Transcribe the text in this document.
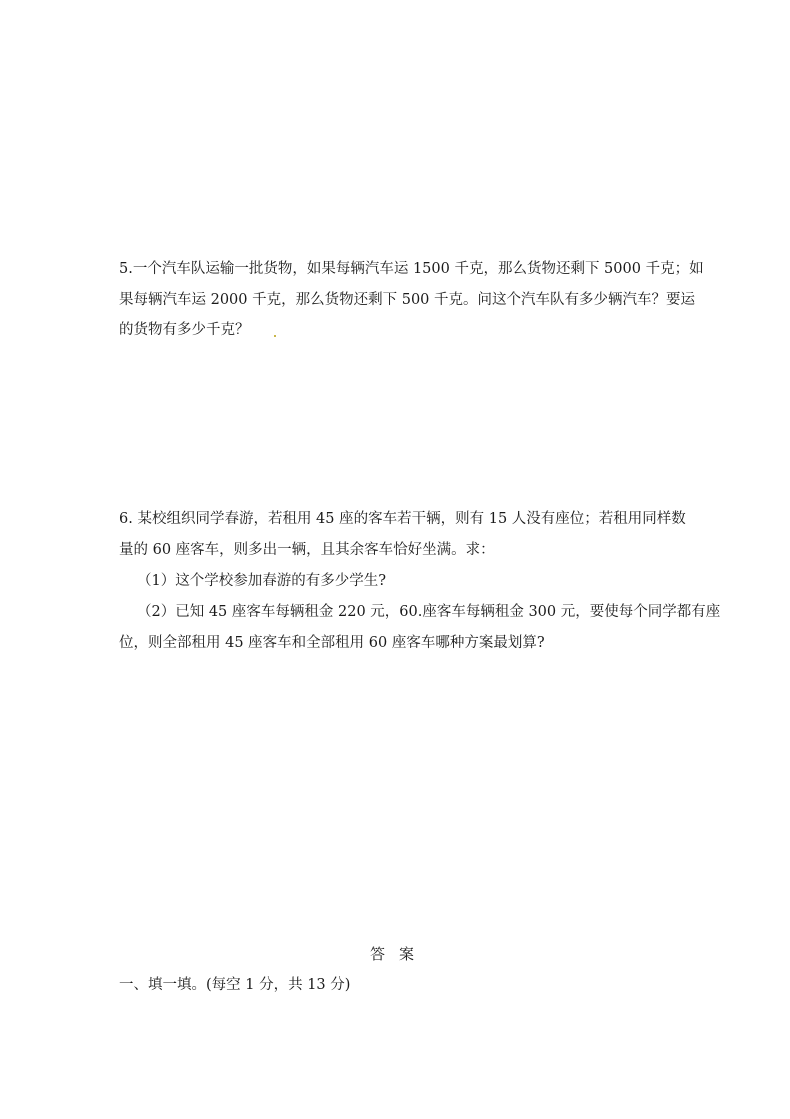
5.一个汽车队运输一批货物，如果每辆汽车运 1500 千克，那么货物还剩下 5000 千克；如
果每辆汽车运 2000 千克，那么货物还剩下 500 千克。问这个汽车队有多少辆汽车？要运
的货物有多少千克？
6. 某校组织同学春游，若租用 45 座的客车若干辆，则有 15 人没有座位；若租用同样数
量的 60 座客车，则多出一辆，且其余客车恰好坐满。求：
（1）这个学校参加春游的有多少学生?
（2）已知 45 座客车每辆租金 220 元，60.座客车每辆租金 300 元，要使每个同学都有座
位，则全部租用 45 座客车和全部租用 60 座客车哪种方案最划算?
答案
一、填一填。(每空 1 分，共 13 分)
